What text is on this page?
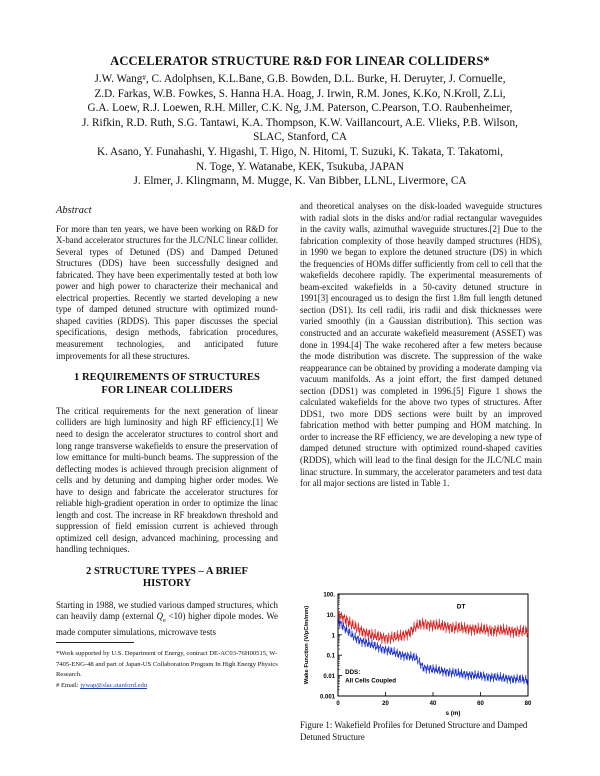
ACCELERATOR STRUCTURE R&D FOR LINEAR COLLIDERS*
J.W. Wang#, C. Adolphsen, K.L.Bane, G.B. Bowden, D.L. Burke, H. Deruyter, J. Cornuelle,
Z.D. Farkas, W.B. Fowkes, S. Hanna H.A. Hoag, J. Irwin, R.M. Jones, K.Ko, N.Kroll, Z.Li,
G.A. Loew, R.J. Loewen, R.H. Miller, C.K. Ng, J.M. Paterson, C.Pearson, T.O. Raubenheimer,
J. Rifkin, R.D. Ruth, S.G. Tantawi, K.A. Thompson, K.W. Vaillancourt, A.E. Vlieks, P.B. Wilson,
SLAC, Stanford, CA
K. Asano, Y. Funahashi, Y. Higashi, T. Higo, N. Hitomi, T. Suzuki, K. Takata, T. Takatomi,
N. Toge, Y. Watanabe, KEK, Tsukuba, JAPAN
J. Elmer, J. Klingmann, M. Mugge, K. Van Bibber, LLNL, Livermore, CA
Abstract

For more than ten years, we have been working on R&D for X-band accelerator structures for the JLC/NLC linear collider. Several types of Detuned (DS) and Damped Detuned Structures (DDS) have been successfully designed and fabricated. They have been experimentally tested at both low power and high power to characterize their mechanical and electrical properties. Recently we started developing a new type of damped detuned structure with optimized round-shaped cavities (RDDS). This paper discusses the special specifications, design methods, fabrication procedures, measurement technologies, and anticipated future improvements for all these structures.

1 REQUIREMENTS OF STRUCTURES
FOR LINEAR COLLIDERS

The critical requirements for the next generation of linear colliders are high luminosity and high RF efficiency.[1] We need to design the accelerator structures to control short and long range transverse wakefields to ensure the preservation of low emittance for multi-bunch beams. The suppression of the deflecting modes is achieved through precision alignment of cells and by detuning and damping higher order modes. We have to design and fabricate the accelerator structures for reliable high-gradient operation in order to optimize the linac length and cost. The increase in RF breakdown threshold and suppression of field emission current is achieved through optimized cell design, advanced machining, processing and handling techniques.

2 STRUCTURE TYPES – A BRIEF
HISTORY

Starting in 1988, we studied various damped structures, which can heavily damp (external $Q_e <10$) higher dipole modes. We made computer simulations, microwave tests

*Work supported by U.S. Department of Energy, contract DE-AC03-76H00515, W-7405-ENG-48 and part of Japan-US Collaboration Program In High Energy Physics Research.
# Email: jywap@slac.stanford.edu

and theoretical analyses on the disk-loaded waveguide structures with radial slots in the disks and/or radial rectangular waveguides in the cavity walls, azimuthal waveguide structures.[2] Due to the fabrication complexity of those heavily damped structures (HDS), in 1990 we began to explore the detuned structure (DS) in which the frequencies of HOMs differ sufficiently from cell to cell that the wakefields decohere rapidly. The experimental measurements of beam-excited wakefields in a 50-cavity detuned structure in 1991[3] encouraged us to design the first 1.8m full length detuned section (DS1). Its cell radii, iris radii and disk thicknesses were varied smoothly (in a Gaussian distribution). This section was constructed and an accurate wakefield measurement (ASSET) was done in 1994.[4] The wake recohered after a few meters because the mode distribution was discrete. The suppression of the wake reappearance can be obtained by providing a moderate damping via vacuum manifolds. As a joint effort, the first damped detuned section (DDS1) was completed in 1996.[5] Figure 1 shows the calculated wakefields for the above two types of structures. After DDS1, two more DDS sections were built by an improved fabrication method with better pumping and HOM matching. In order to increase the RF efficiency, we are developing a new type of damped detuned structure with optimized round-shaped cavities (RDDS), which will lead to the final design for the JLC/NLC main linac structure. In summary, the accelerator parameters and test data for all major sections are listed in Table 1.

100.
10.
1
0.1
0.01
0.001
0	20	40	60	80
s (m)
Wake Function (V/pC/m/mm)	DT
DDS:
All Cells Coupled
Figure 1: Wakefield Profiles for Detuned Structure and Damped Detuned Structure
